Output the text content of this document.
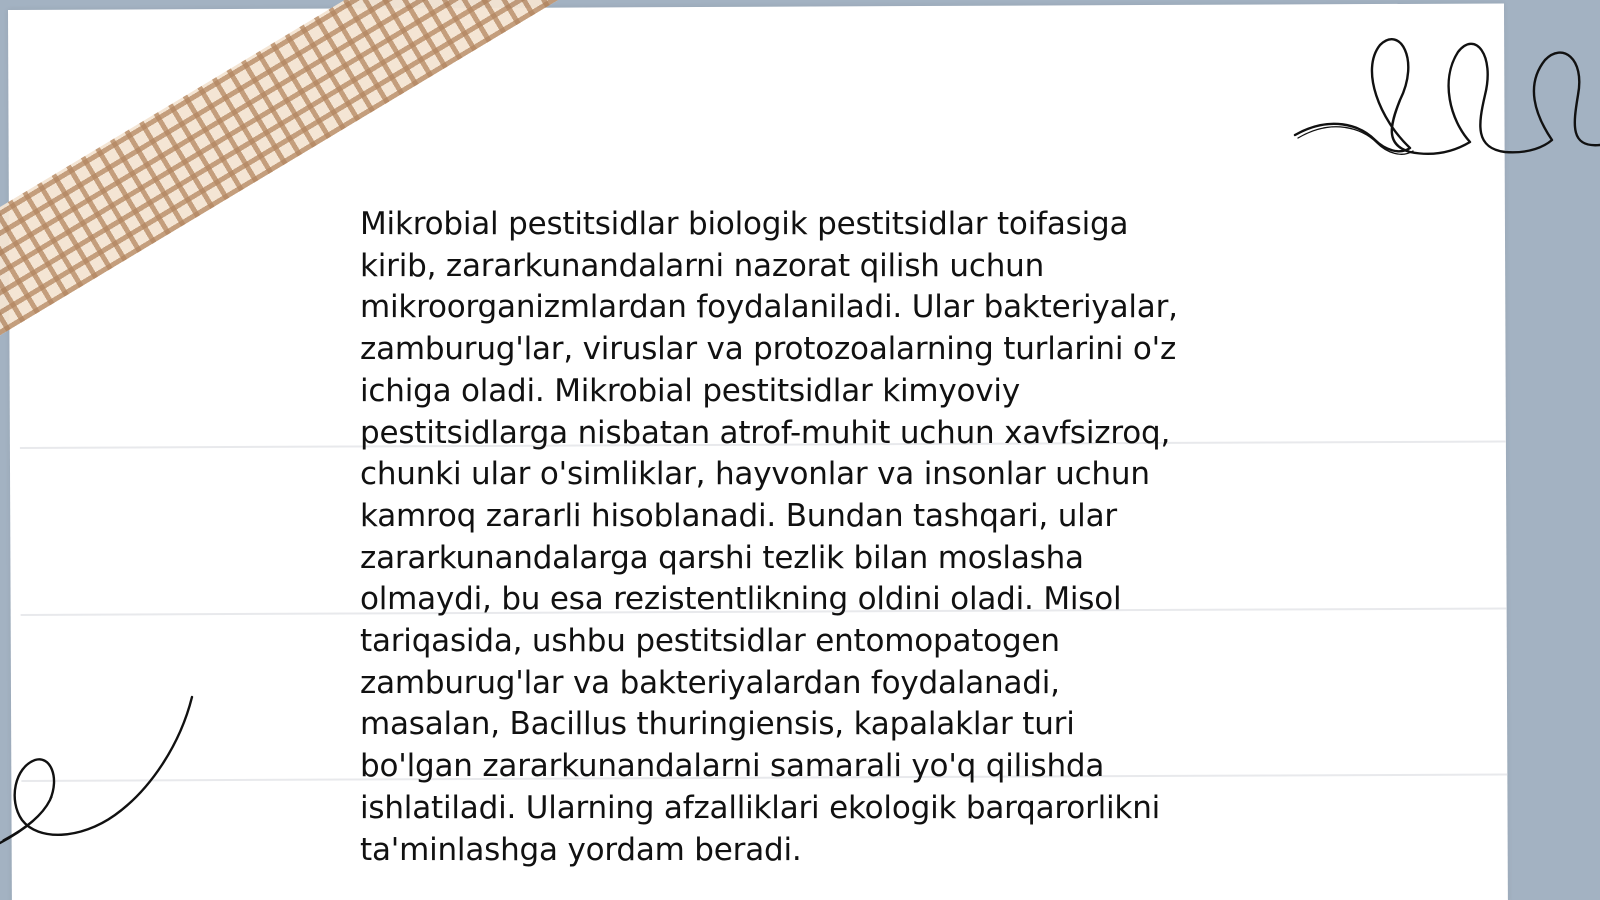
Mikrobial pestitsidlar biologik pestitsidlar toifasiga
kirib, zararkunandalarni nazorat qilish uchun
mikroorganizmlardan foydalaniladi. Ular bakteriyalar,
zamburug'lar, viruslar va protozoalarning turlarini o'z
ichiga oladi. Mikrobial pestitsidlar kimyoviy
pestitsidlarga nisbatan atrof-muhit uchun xavfsizroq,
chunki ular o'simliklar, hayvonlar va insonlar uchun
kamroq zararli hisoblanadi. Bundan tashqari, ular
zararkunandalarga qarshi tezlik bilan moslasha
olmaydi, bu esa rezistentlikning oldini oladi. Misol
tariqasida, ushbu pestitsidlar entomopatogen
zamburug'lar va bakteriyalardan foydalanadi,
masalan, Bacillus thuringiensis, kapalaklar turi
bo'lgan zararkunandalarni samarali yo'q qilishda
ishlatiladi. Ularning afzalliklari ekologik barqarorlikni
ta'minlashga yordam beradi.
